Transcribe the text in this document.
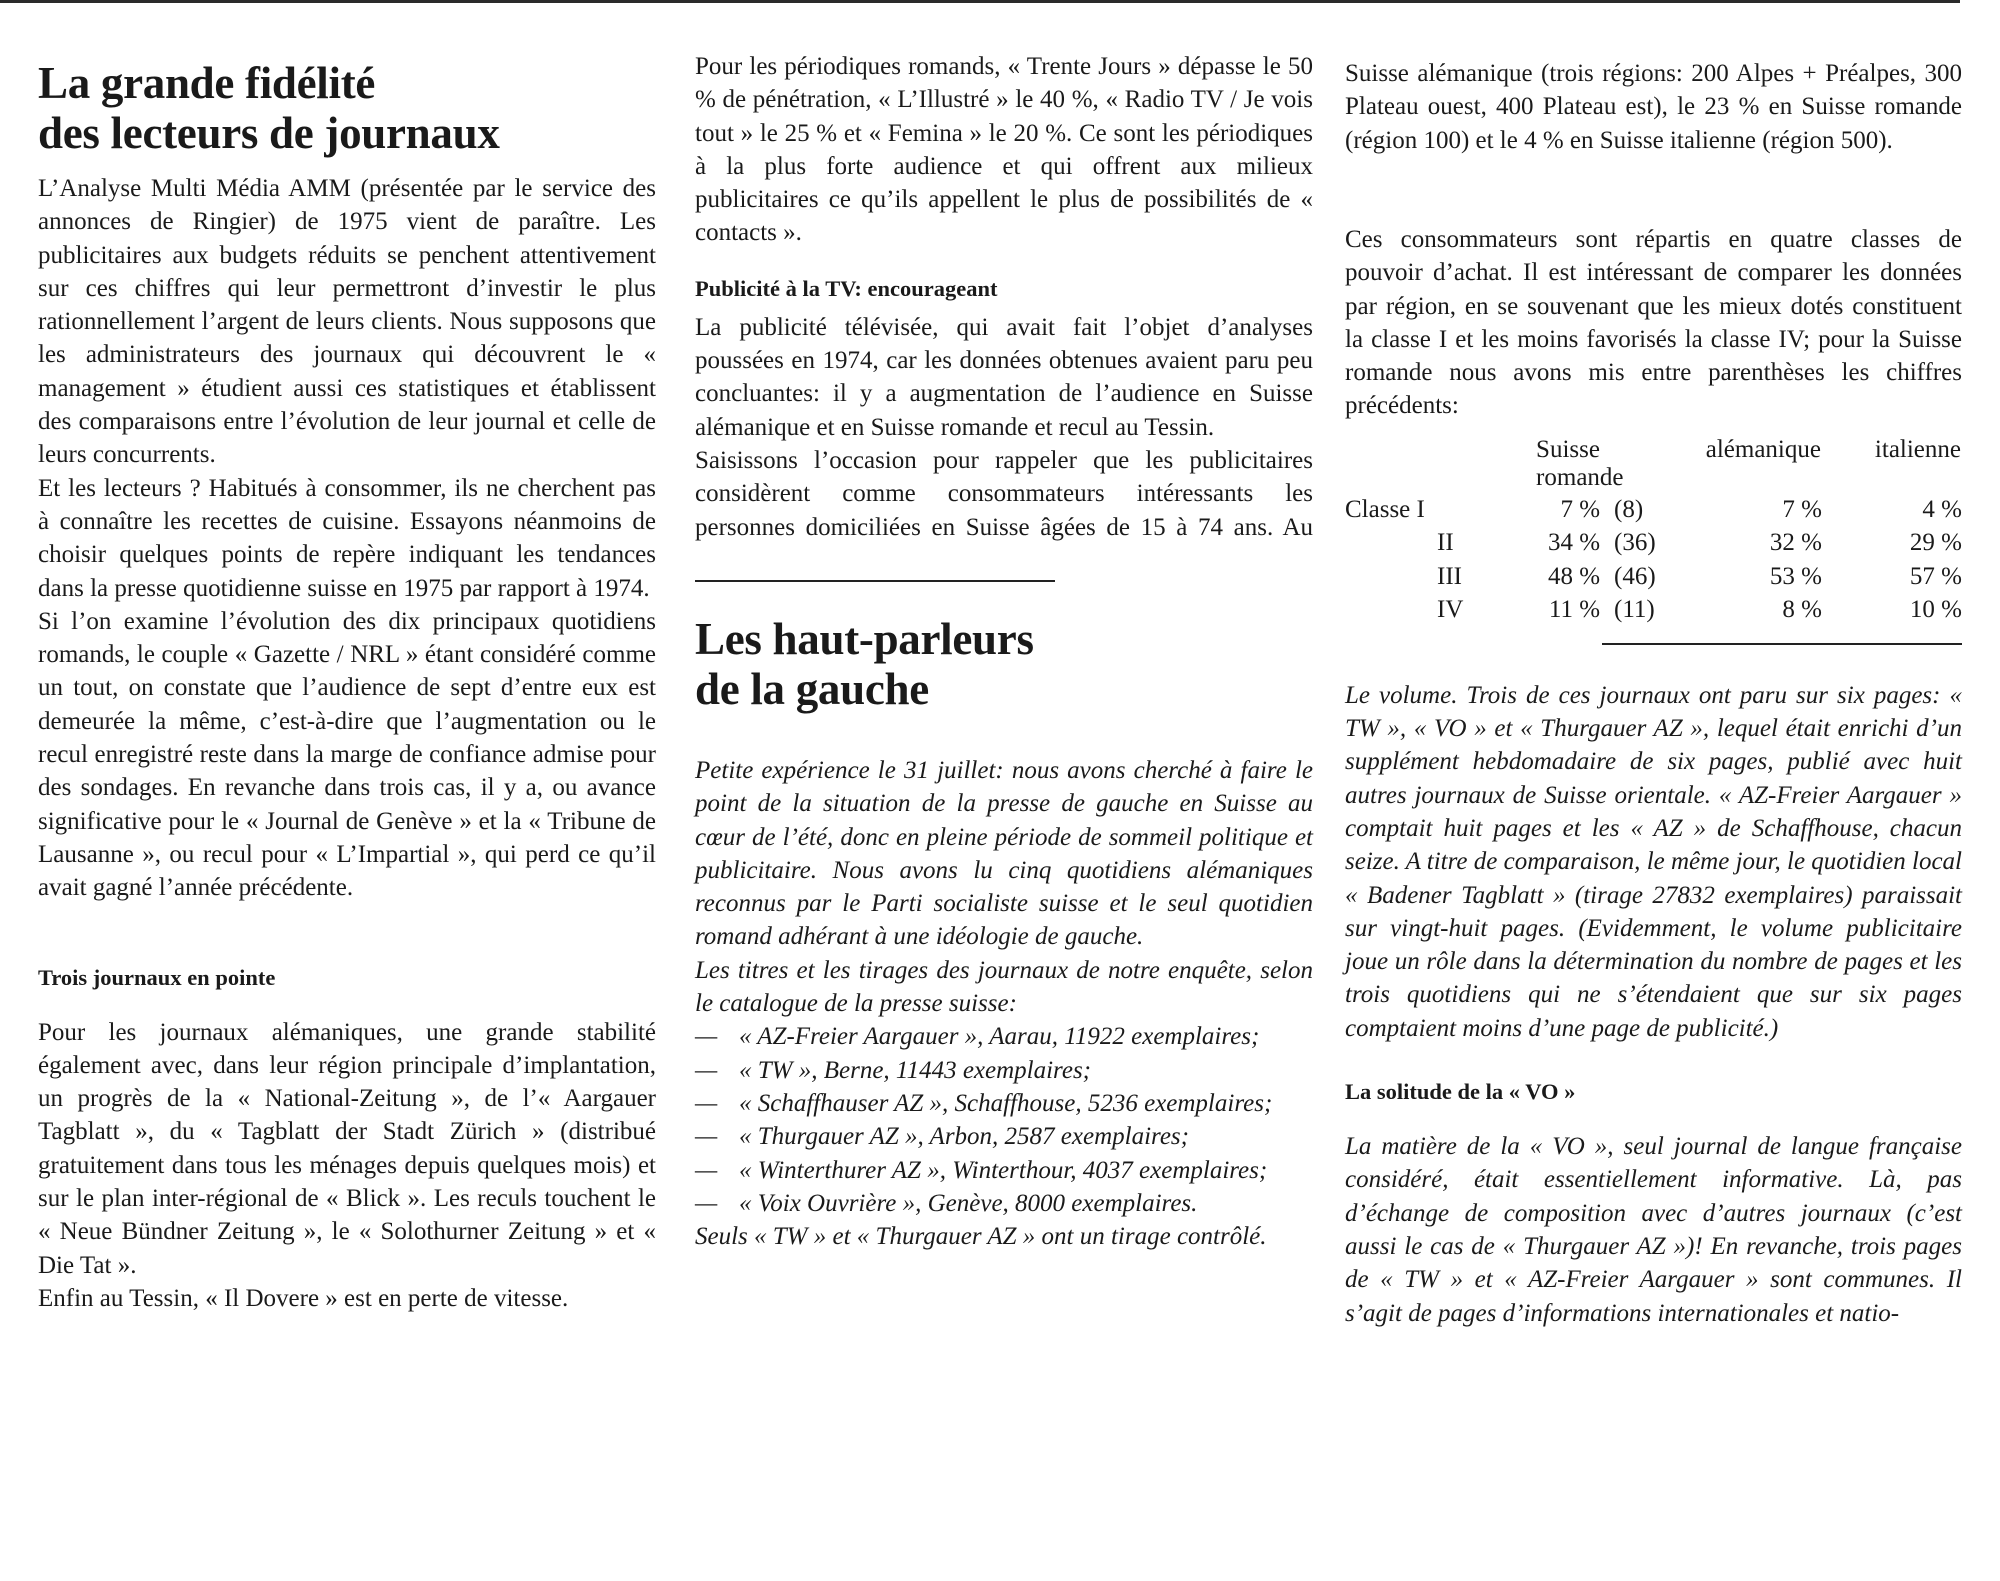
La grande fidélité
des lecteurs de journaux

L’Analyse Multi Média AMM (présentée par le service des annonces de Ringier) de 1975 vient de paraître. Les publicitaires aux budgets réduits se penchent attentivement sur ces chiffres qui leur permettront d’investir le plus rationnellement l’argent de leurs clients. Nous supposons que les administrateurs des journaux qui découvrent le « management » étudient aussi ces statistiques et établissent des comparaisons entre l’évolution de leur journal et celle de leurs concurrents.

Et les lecteurs ? Habitués à consommer, ils ne cherchent pas à connaître les recettes de cuisine. Essayons néanmoins de choisir quelques points de repère indiquant les tendances dans la presse quotidienne suisse en 1975 par rapport à 1974.

Si l’on examine l’évolution des dix principaux quotidiens romands, le couple « Gazette / NRL » étant considéré comme un tout, on constate que l’audience de sept d’entre eux est demeurée la même, c’est-à-dire que l’augmentation ou le recul enregistré reste dans la marge de confiance admise pour des sondages. En revanche dans trois cas, il y a, ou avance significative pour le « Journal de Genève » et la « Tribune de Lausanne », ou recul pour « L’Impartial », qui perd ce qu’il avait gagné l’année précédente.

Trois journaux en pointe

Pour les journaux alémaniques, une grande stabilité également avec, dans leur région principale d’implantation, un progrès de la « National-Zeitung », de l’« Aargauer Tagblatt », du « Tagblatt der Stadt Zürich » (distribué gratuitement dans tous les ménages depuis quelques mois) et sur le plan inter-régional de « Blick ». Les reculs touchent le « Neue Bündner Zeitung », le « Solothurner Zeitung » et « Die Tat ».

Enfin au Tessin, « Il Dovere » est en perte de vitesse.

Pour les périodiques romands, « Trente Jours » dépasse le 50 % de pénétration, « L’Illustré » le 40 %, « Radio TV / Je vois tout » le 25 % et « Femina » le 20 %. Ce sont les périodiques à la plus forte audience et qui offrent aux milieux publicitaires ce qu’ils appellent le plus de possibilités de « contacts ».

Publicité à la TV: encourageant

La publicité télévisée, qui avait fait l’objet d’analyses poussées en 1974, car les données obtenues avaient paru peu concluantes: il y a augmentation de l’audience en Suisse alémanique et en Suisse romande et recul au Tessin.

Saisissons l’occasion pour rappeler que les publicitaires considèrent comme consommateurs intéressants les personnes domiciliées en Suisse âgées de 15 à 74 ans. Au

Les haut-parleurs
de la gauche

Petite expérience le 31 juillet: nous avons cherché à faire le point de la situation de la presse de gauche en Suisse au cœur de l’été, donc en pleine période de sommeil politique et publicitaire. Nous avons lu cinq quotidiens alémaniques reconnus par le Parti socialiste suisse et le seul quotidien romand adhérant à une idéologie de gauche.

Les titres et les tirages des journaux de notre enquête, selon le catalogue de la presse suisse:

— « AZ-Freier Aargauer », Aarau, 11922 exemplaires;
— « TW », Berne, 11443 exemplaires;
— « Schaffhauser AZ », Schaffhouse, 5236 exemplaires;
— « Thurgauer AZ », Arbon, 2587 exemplaires;
— « Winterthurer AZ », Winterthour, 4037 exemplaires;
— « Voix Ouvrière », Genève, 8000 exemplaires.

Seuls « TW » et « Thurgauer AZ » ont un tirage contrôlé.

Suisse alémanique (trois régions: 200 Alpes + Préalpes, 300 Plateau ouest, 400 Plateau est), le 23 % en Suisse romande (région 100) et le 4 % en Suisse italienne (région 500).

Ces consommateurs sont répartis en quatre classes de pouvoir d’achat. Il est intéressant de comparer les données par région, en se souvenant que les mieux dotés constituent la classe I et les moins favorisés la classe IV; pour la Suisse romande nous avons mis entre parenthèses les chiffres précédents:

	Suisse romande		alémanique	italienne
Classe I	7 %	(8)	7 %	4 %
II	34 %	(36)	32 %	29 %
III	48 %	(46)	53 %	57 %
IV	11 %	(11)	8 %	10 %

Le volume. Trois de ces journaux ont paru sur six pages: « TW », « VO » et « Thurgauer AZ », lequel était enrichi d’un supplément hebdomadaire de six pages, publié avec huit autres journaux de Suisse orientale. « AZ-Freier Aargauer » comptait huit pages et les « AZ » de Schaffhouse, chacun seize. A titre de comparaison, le même jour, le quotidien local « Badener Tagblatt » (tirage 27832 exemplaires) paraissait sur vingt-huit pages. (Evidemment, le volume publicitaire joue un rôle dans la détermination du nombre de pages et les trois quotidiens qui ne s’étendaient que sur six pages comptaient moins d’une page de publicité.)

La solitude de la « VO »

La matière de la « VO », seul journal de langue française considéré, était essentiellement informative. Là, pas d’échange de composition avec d’autres journaux (c’est aussi le cas de « Thurgauer AZ »)! En revanche, trois pages de « TW » et « AZ-Freier Aargauer » sont communes. Il s’agit de pages d’informations internationales et natio-
